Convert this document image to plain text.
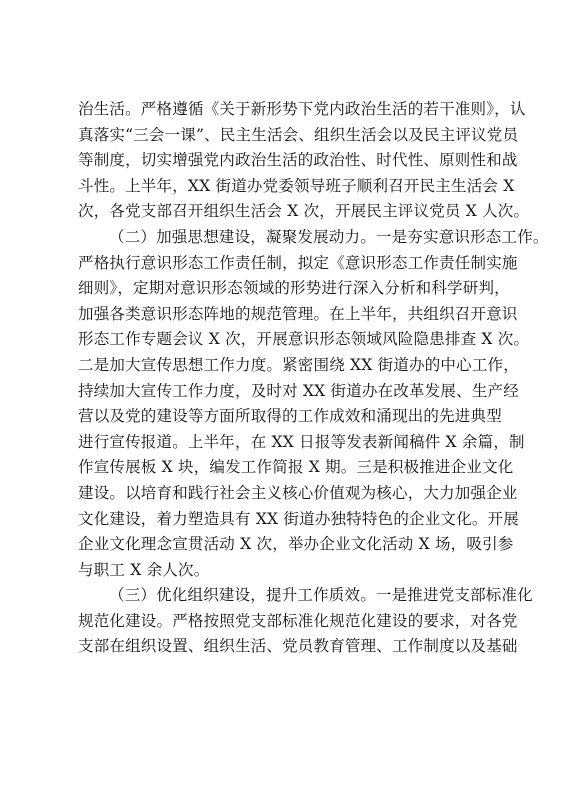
治生活。严格遵循《关于新形势下党内政治生活的若干准则》，认
真落实“三会一课”、民主生活会、组织生活会以及民主评议党员
等制度，切实增强党内政治生活的政治性、时代性、原则性和战
斗性。上半年，XX 街道办党委领导班子顺利召开民主生活会 X
次，各党支部召开组织生活会 X 次，开展民主评议党员 X 人次。
（二）加强思想建设，凝聚发展动力。一是夯实意识形态工作。
严格执行意识形态工作责任制，拟定《意识形态工作责任制实施
细则》，定期对意识形态领域的形势进行深入分析和科学研判，
加强各类意识形态阵地的规范管理。在上半年，共组织召开意识
形态工作专题会议 X 次，开展意识形态领域风险隐患排查 X 次。
二是加大宣传思想工作力度。紧密围绕 XX 街道办的中心工作，
持续加大宣传工作力度，及时对 XX 街道办在改革发展、生产经
营以及党的建设等方面所取得的工作成效和涌现出的先进典型
进行宣传报道。上半年，在 XX 日报等发表新闻稿件 X 余篇，制
作宣传展板 X 块，编发工作简报 X 期。三是积极推进企业文化
建设。以培育和践行社会主义核心价值观为核心，大力加强企业
文化建设，着力塑造具有 XX 街道办独特特色的企业文化。开展
企业文化理念宣贯活动 X 次，举办企业文化活动 X 场，吸引参
与职工 X 余人次。
（三）优化组织建设，提升工作质效。一是推进党支部标准化
规范化建设。严格按照党支部标准化规范化建设的要求，对各党
支部在组织设置、组织生活、党员教育管理、工作制度以及基础
